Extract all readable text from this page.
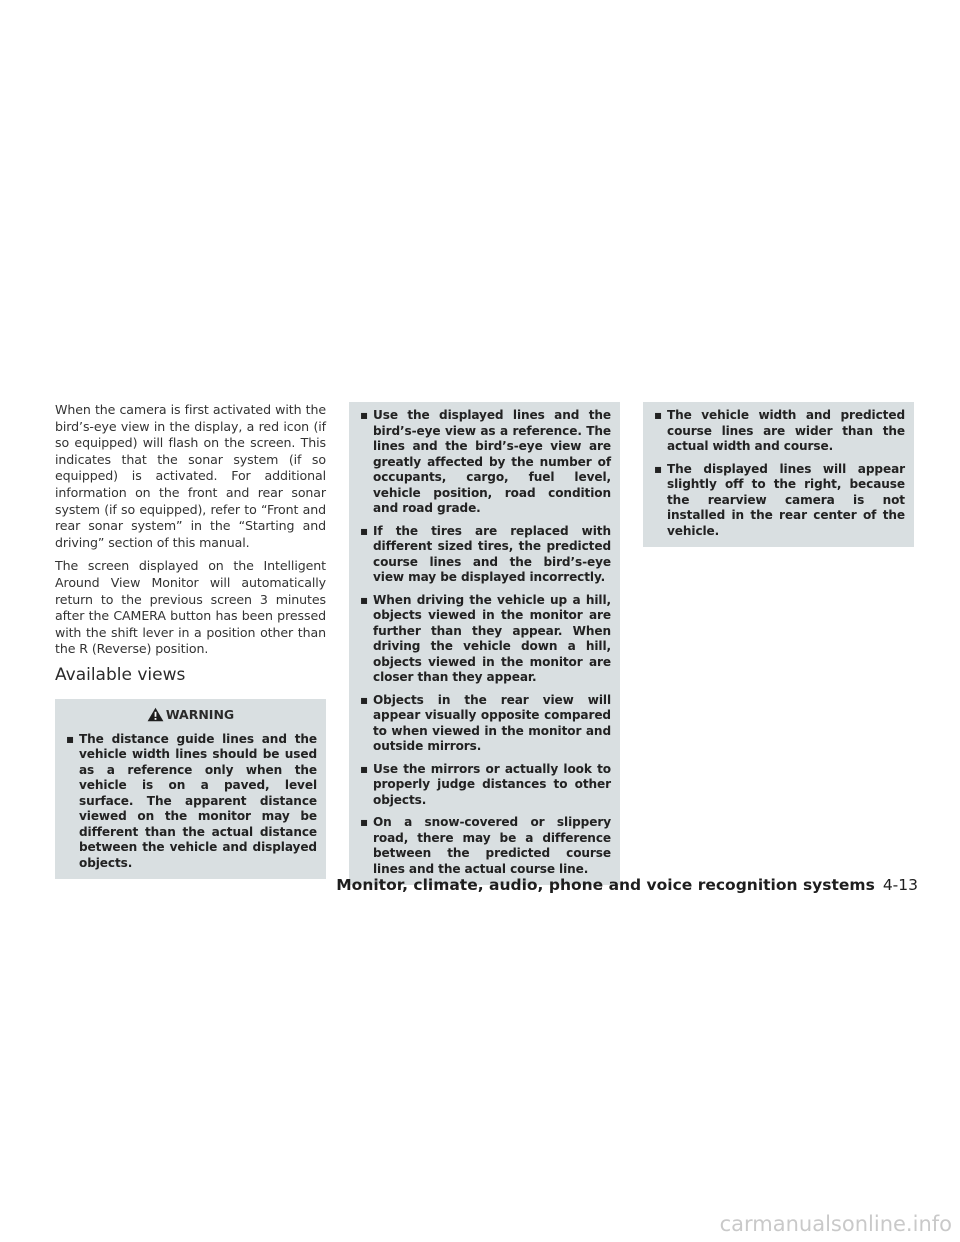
When the camera is first activated with the bird’s-eye view in the display, a red icon (if so equipped) will flash on the screen. This indicates that the sonar system (if so equipped) is activated. For additional information on the front and rear sonar system (if so equipped), refer to “Front and rear sonar system” in the “Starting and driving” section of this manual.

The screen displayed on the Intelligent Around View Monitor will automatically return to the previous screen 3 minutes after the CAMERA button has been pressed with the shift lever in a position other than the R (Reverse) position.

Available views
WARNING
▪ The distance guide lines and the vehicle width lines should be used as a reference only when the vehicle is on a paved, level surface. The apparent distance viewed on the monitor may be different than the actual distance between the vehicle and displayed objects.
▪ Use the displayed lines and the bird’s-eye view as a reference. The lines and the bird’s-eye view are greatly affected by the number of occupants, cargo, fuel level, vehicle position, road condition and road grade.
▪ If the tires are replaced with different sized tires, the predicted course lines and the bird’s-eye view may be displayed incorrectly.
▪ When driving the vehicle up a hill, objects viewed in the monitor are further than they appear. When driving the vehicle down a hill, objects viewed in the monitor are closer than they appear.
▪ Objects in the rear view will appear visually opposite compared to when viewed in the monitor and outside mirrors.
▪ Use the mirrors or actually look to properly judge distances to other objects.
▪ On a snow-covered or slippery road, there may be a difference between the predicted course lines and the actual course line.
▪ The vehicle width and predicted course lines are wider than the actual width and course.
▪ The displayed lines will appear slightly off to the right, because the rearview camera is not installed in the rear center of the vehicle.
Monitor, climate, audio, phone and voice recognition systems 4-13
carmanualsonline.info
